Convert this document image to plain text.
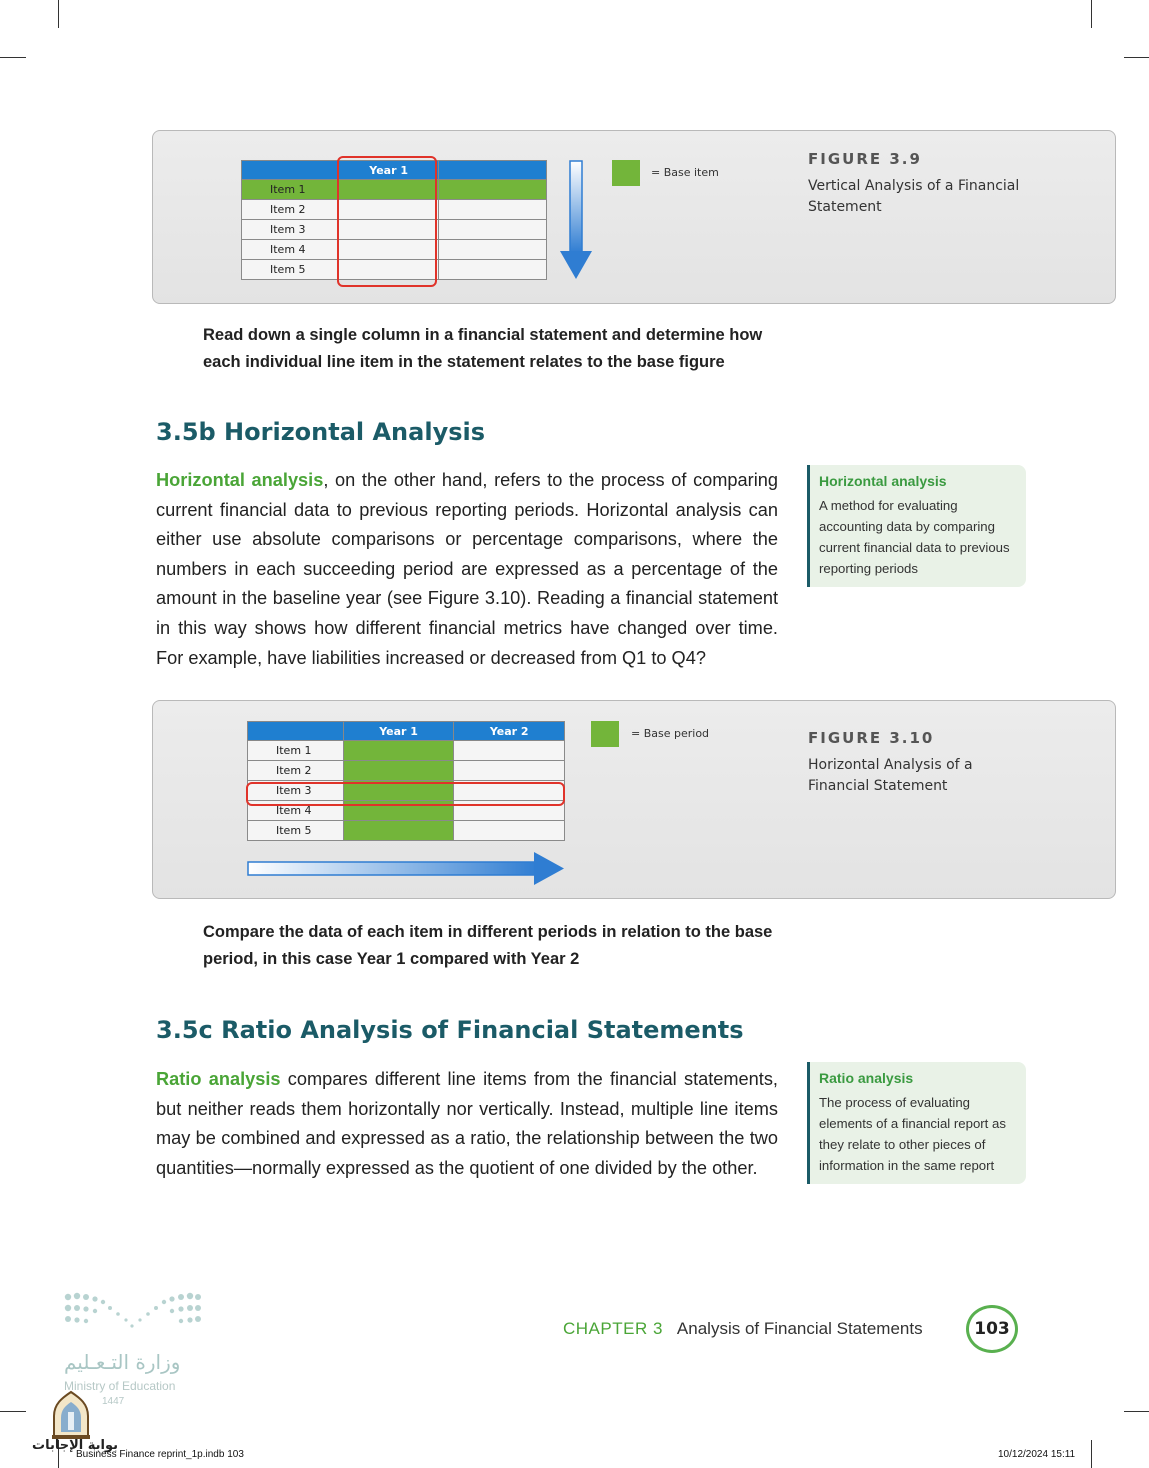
	Year 1	
Item 1		
Item 2		
Item 3		
Item 4		
Item 5		
= Base item
FIGURE 3.9
Vertical Analysis of a Financial Statement
Read down a single column in a financial statement and determine how each individual line item in the statement relates to the base figure
3.5b Horizontal Analysis
Horizontal analysis, on the other hand, refers to the process of comparing current financial data to previous reporting periods. Horizontal analysis can either use absolute comparisons or percentage comparisons, where the numbers in each succeeding period are expressed as a percentage of the amount in the baseline year (see Figure 3.10). Reading a financial statement in this way shows how different financial metrics have changed over time. For example, have liabilities increased or decreased from Q1 to Q4?
Horizontal analysis
A method for evaluating accounting data by comparing current financial data to previous reporting periods
	Year 1	Year 2
Item 1		
Item 2		
Item 3		
Item 4		
Item 5		
= Base period	FIGURE 3.10
Horizontal Analysis of a Financial Statement
Compare the data of each item in different periods in relation to the base period, in this case Year 1 compared with Year 2
3.5c Ratio Analysis of Financial Statements
Ratio analysis compares different line items from the financial statements, but neither reads them horizontally nor vertically. Instead, multiple line items may be combined and expressed as a ratio, the relationship between the two quantities—normally expressed as the quotient of one divided by the other.
Ratio analysis
The process of evaluating elements of a financial report as they relate to other pieces of information in the same report
وزارة التـعـليم
Ministry of Education
1447
بوابة الإجابات
CHAPTER 3 Analysis of Financial Statements	103
Business Finance reprint_1p.indb 103	10/12/2024 15:11
